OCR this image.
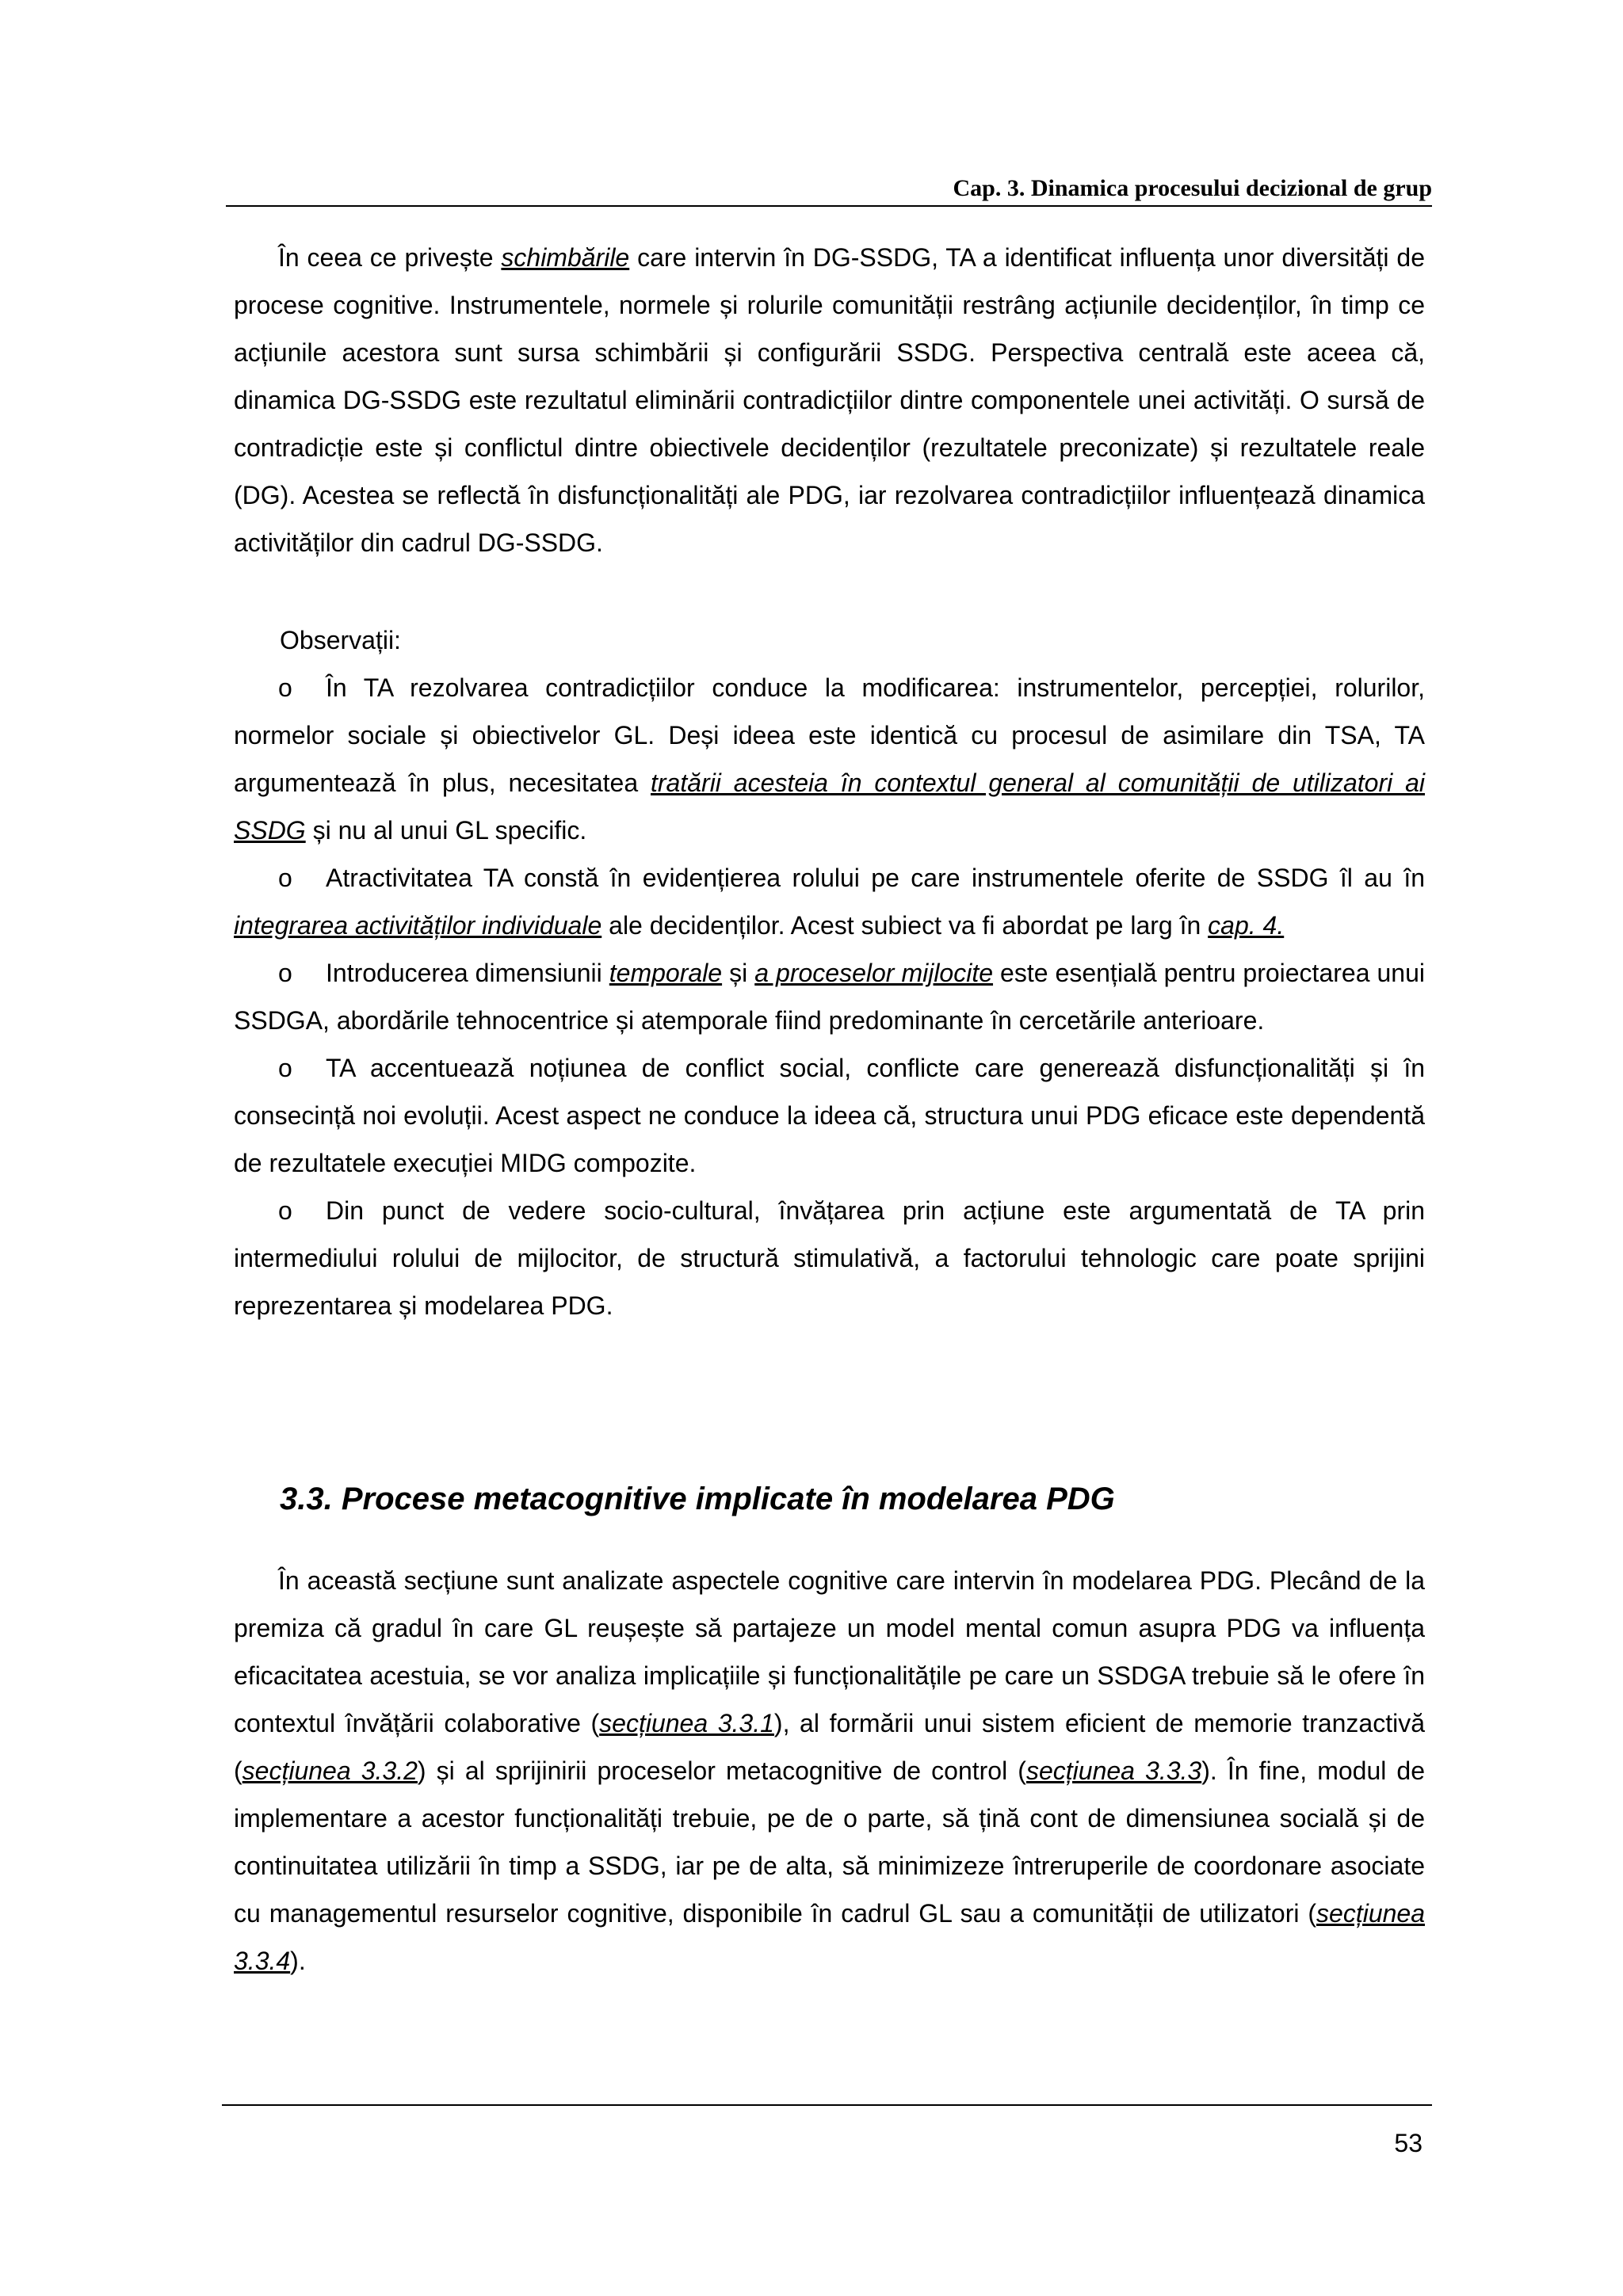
Cap. 3. Dinamica procesului decizional de grup

În ceea ce privește schimbările care intervin în DG-SSDG, TA a identificat influența unor diversități de procese cognitive. Instrumentele, normele și rolurile comunității restrâng acțiunile decidenților, în timp ce acțiunile acestora sunt sursa schimbării și configurării SSDG. Perspectiva centrală este aceea că, dinamica DG-SSDG este rezultatul eliminării contradicțiilor dintre componentele unei activități. O sursă de contradicție este și conflictul dintre obiectivele decidenților (rezultatele preconizate) și rezultatele reale (DG). Acestea se reflectă în disfuncționalități ale PDG, iar rezolvarea contradicțiilor influențează dinamica activităților din cadrul DG-SSDG.

Observații:

o În TA rezolvarea contradicțiilor conduce la modificarea: instrumentelor, percepției, rolurilor, normelor sociale și obiectivelor GL. Deși ideea este identică cu procesul de asimilare din TSA, TA argumentează în plus, necesitatea tratării acesteia în contextul general al comunității de utilizatori ai SSDG și nu al unui GL specific.

o Atractivitatea TA constă în evidențierea rolului pe care instrumentele oferite de SSDG îl au în integrarea activităților individuale ale decidenților. Acest subiect va fi abordat pe larg în cap. 4.

o Introducerea dimensiunii temporale și a proceselor mijlocite este esențială pentru proiectarea unui SSDGA, abordările tehnocentrice și atemporale fiind predominante în cercetările anterioare.

o TA accentuează noțiunea de conflict social, conflicte care generează disfuncționalități și în consecință noi evoluții. Acest aspect ne conduce la ideea că, structura unui PDG eficace este dependentă de rezultatele execuției MIDG compozite.

o Din punct de vedere socio-cultural, învățarea prin acțiune este argumentată de TA prin intermediului rolului de mijlocitor, de structură stimulativă, a factorului tehnologic care poate sprijini reprezentarea și modelarea PDG.

3.3. Procese metacognitive implicate în modelarea PDG

În această secțiune sunt analizate aspectele cognitive care intervin în modelarea PDG. Plecând de la premiza că gradul în care GL reușește să partajeze un model mental comun asupra PDG va influența eficacitatea acestuia, se vor analiza implicațiile și funcționalitățile pe care un SSDGA trebuie să le ofere în contextul învățării colaborative (secțiunea 3.3.1), al formării unui sistem eficient de memorie tranzactivă (secțiunea 3.3.2) și al sprijinirii proceselor metacognitive de control (secțiunea 3.3.3). În fine, modul de implementare a acestor funcționalități trebuie, pe de o parte, să țină cont de dimensiunea socială și de continuitatea utilizării în timp a SSDG, iar pe de alta, să minimizeze întreruperile de coordonare asociate cu managementul resurselor cognitive, disponibile în cadrul GL sau a comunității de utilizatori (secțiunea 3.3.4).

53
